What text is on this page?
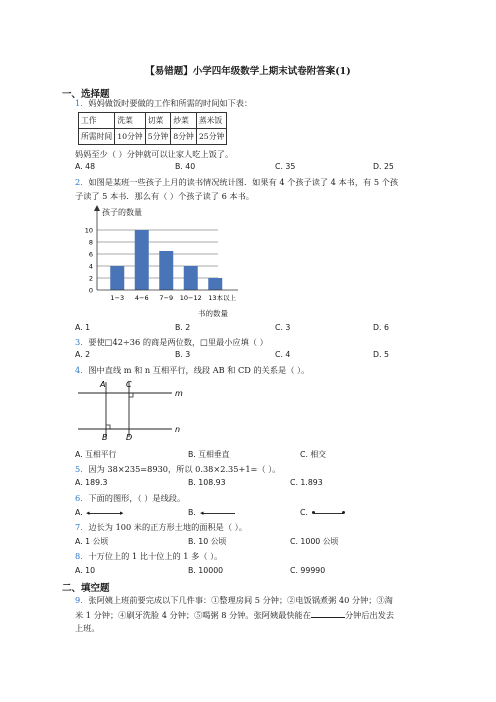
【易错题】小学四年级数学上期末试卷附答案(1)
一、选择题
1．妈妈做饭时要做的工作和所需的时间如下表：
工作	洗菜	切菜	炒菜	蒸米饭
所需时间	10分钟	5分钟	8分钟	25分钟
妈妈至少（ ）分钟就可以让家人吃上饭了。
A. 48	B. 40	C. 35	D. 25
2．如图是某班一些孩子上月的读书情况统计图．如果有 4 个孩子读了 4 本书，有 5 个孩
子读了 5 本书．那么有（ ）个孩子读了 6 本书。
0
2
4
6
8
10
1−3 4−6 7−9 10−12 13本以上
孩子的数量
书的数量
A. 1	B. 2	C. 3	D. 6
3．要使□42÷36 的商是两位数，□里最小应填（ ）
A. 2	B. 3	C. 4	D. 5
4．图中直线 m 和 n 互相平行，线段 AB 和 CD 的关系是（ ）。
A	C
B D
m
n
A. 互相平行	B. 互相垂直	C. 相交
5．因为 38×235=8930，所以 0.38×2.35+1=（ ）。
A. 189.3	B. 108.93	C. 1.893
6．下面的图形，（ ）是线段。
A. ◂	▸	B. ◂	C.
7．边长为 100 米的正方形土地的面积是（ ）。
A. 1 公顷	B. 10 公顷	C. 1000 公顷
8．十万位上的 1 比十位上的 1 多（ ）。
A. 10	B. 10000	C. 99990
二、填空题
9．张阿姨上班前要完成以下几件事：①整理房间 5 分钟；②电饭锅煮粥 40 分钟；③淘
米 1 分钟；④刷牙洗脸 4 分钟；⑤喝粥 8 分钟。张阿姨最快能在	分钟后出发去
上班。
